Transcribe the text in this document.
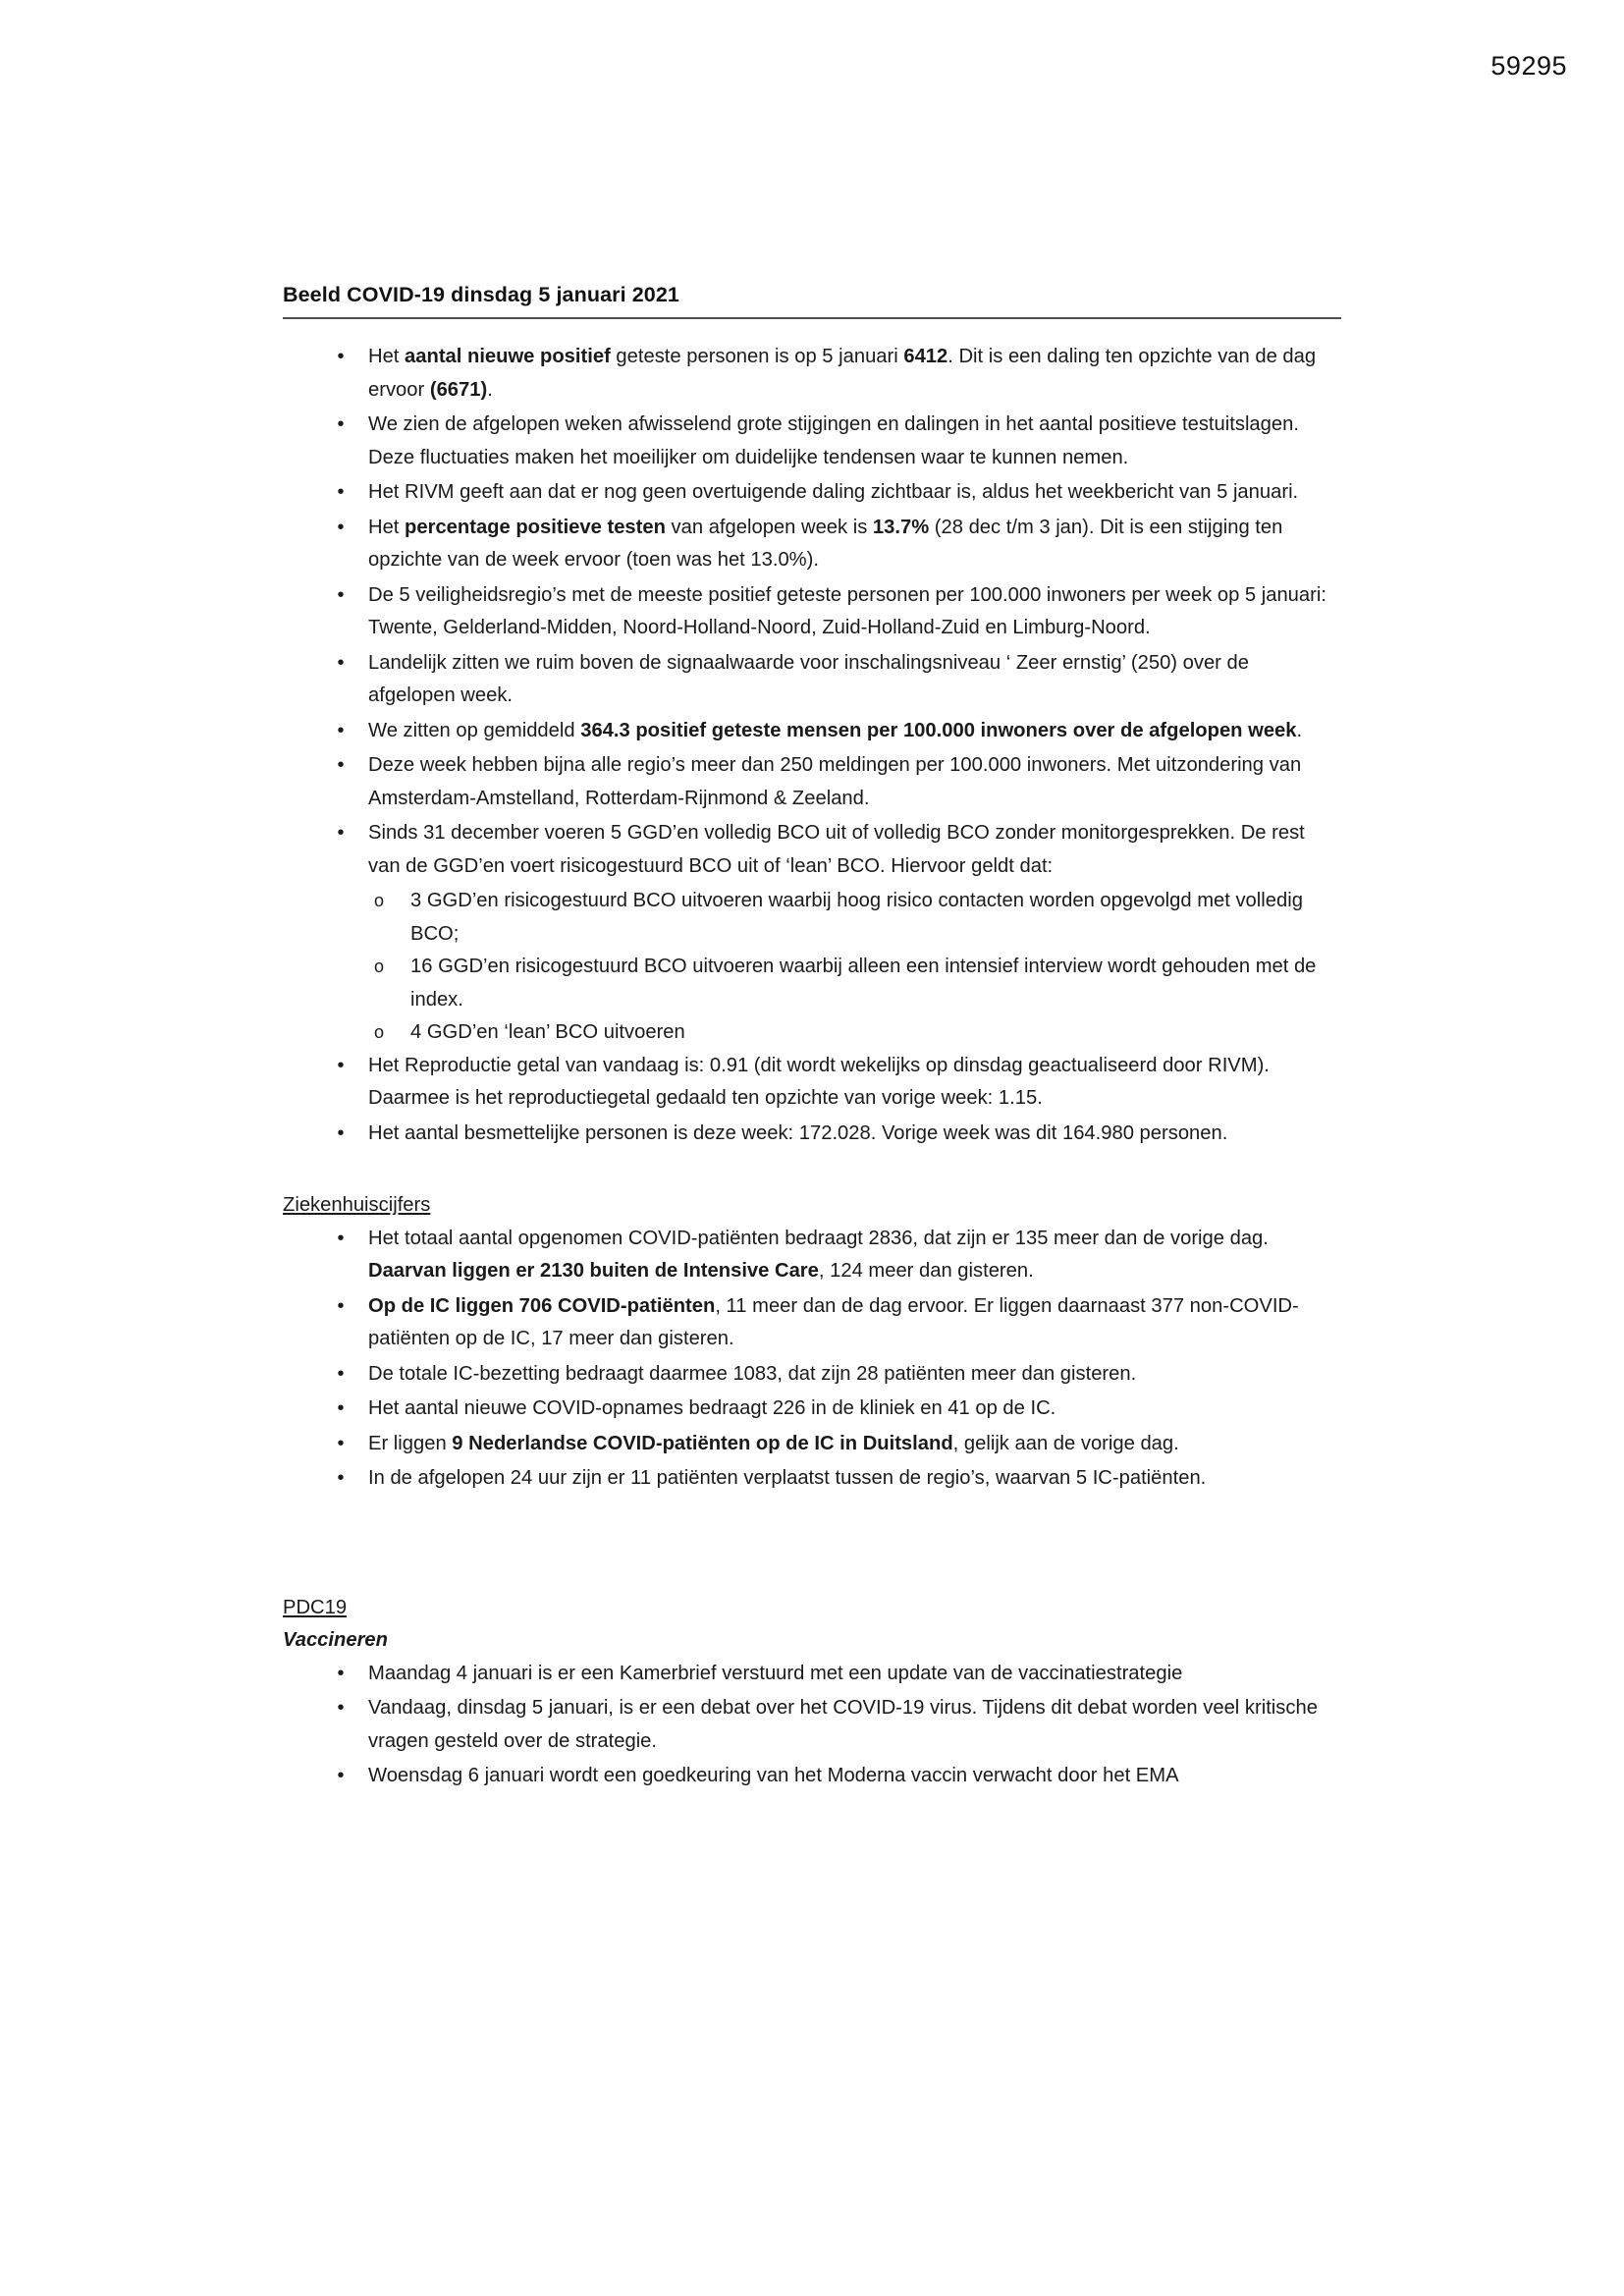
59295
Beeld COVID-19 dinsdag 5 januari 2021
• Het aantal nieuwe positief geteste personen is op 5 januari 6412. Dit is een daling ten opzichte van de dag ervoor (6671).
• We zien de afgelopen weken afwisselend grote stijgingen en dalingen in het aantal positieve testuitslagen. Deze fluctuaties maken het moeilijker om duidelijke tendensen waar te kunnen nemen.
• Het RIVM geeft aan dat er nog geen overtuigende daling zichtbaar is, aldus het weekbericht van 5 januari.
• Het percentage positieve testen van afgelopen week is 13.7% (28 dec t/m 3 jan). Dit is een stijging ten opzichte van de week ervoor (toen was het 13.0%).
• De 5 veiligheidsregio’s met de meeste positief geteste personen per 100.000 inwoners per week op 5 januari: Twente, Gelderland-Midden, Noord-Holland-Noord, Zuid-Holland-Zuid en Limburg-Noord.
• Landelijk zitten we ruim boven de signaalwaarde voor inschalingsniveau ‘ Zeer ernstig’ (250) over de afgelopen week.
• We zitten op gemiddeld 364.3 positief geteste mensen per 100.000 inwoners over de afgelopen week.
• Deze week hebben bijna alle regio’s meer dan 250 meldingen per 100.000 inwoners. Met uitzondering van Amsterdam-Amstelland, Rotterdam-Rijnmond & Zeeland.
• Sinds 31 december voeren 5 GGD’en volledig BCO uit of volledig BCO zonder monitorgesprekken. De rest van de GGD’en voert risicogestuurd BCO uit of ‘lean’ BCO. Hiervoor geldt dat:
o 3 GGD’en risicogestuurd BCO uitvoeren waarbij hoog risico contacten worden opgevolgd met volledig BCO;
o 16 GGD’en risicogestuurd BCO uitvoeren waarbij alleen een intensief interview wordt gehouden met de index.
o 4 GGD’en ‘lean’ BCO uitvoeren
• Het Reproductie getal van vandaag is: 0.91 (dit wordt wekelijks op dinsdag geactualiseerd door RIVM). Daarmee is het reproductiegetal gedaald ten opzichte van vorige week: 1.15.
• Het aantal besmettelijke personen is deze week: 172.028. Vorige week was dit 164.980 personen.
Ziekenhuiscijfers
• Het totaal aantal opgenomen COVID-patiënten bedraagt 2836, dat zijn er 135 meer dan de vorige dag. Daarvan liggen er 2130 buiten de Intensive Care, 124 meer dan gisteren.
• Op de IC liggen 706 COVID-patiënten, 11 meer dan de dag ervoor. Er liggen daarnaast 377 non-COVID-patiënten op de IC, 17 meer dan gisteren.
• De totale IC-bezetting bedraagt daarmee 1083, dat zijn 28 patiënten meer dan gisteren.
• Het aantal nieuwe COVID-opnames bedraagt 226 in de kliniek en 41 op de IC.
• Er liggen 9 Nederlandse COVID-patiënten op de IC in Duitsland, gelijk aan de vorige dag.
• In de afgelopen 24 uur zijn er 11 patiënten verplaatst tussen de regio’s, waarvan 5 IC-patiënten.
PDC19
Vaccineren
• Maandag 4 januari is er een Kamerbrief verstuurd met een update van de vaccinatiestrategie
• Vandaag, dinsdag 5 januari, is er een debat over het COVID-19 virus. Tijdens dit debat worden veel kritische vragen gesteld over de strategie.
• Woensdag 6 januari wordt een goedkeuring van het Moderna vaccin verwacht door het EMA
